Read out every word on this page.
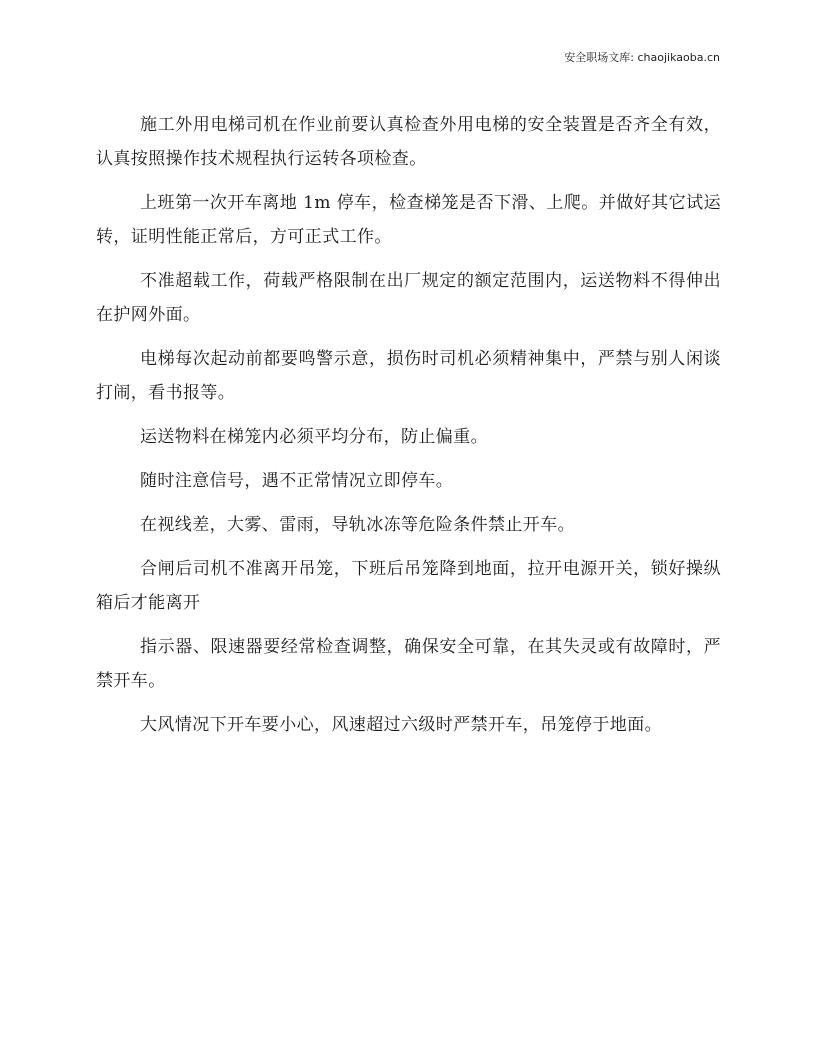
安全职场文库: chaojikaoba.cn

施工外用电梯司机在作业前要认真检查外用电梯的安全装置是否齐全有效，认真按照操作技术规程执行运转各项检查。

上班第一次开车离地 1m 停车，检查梯笼是否下滑、上爬。并做好其它试运转，证明性能正常后，方可正式工作。

不准超载工作，荷载严格限制在出厂规定的额定范围内，运送物料不得伸出在护网外面。

电梯每次起动前都要鸣警示意，损伤时司机必须精神集中，严禁与别人闲谈打闹，看书报等。

运送物料在梯笼内必须平均分布，防止偏重。

随时注意信号，遇不正常情况立即停车。

在视线差，大雾、雷雨，导轨冰冻等危险条件禁止开车。

合闸后司机不准离开吊笼，下班后吊笼降到地面，拉开电源开关，锁好操纵箱后才能离开

指示器、限速器要经常检查调整，确保安全可靠，在其失灵或有故障时，严禁开车。

大风情况下开车要小心，风速超过六级时严禁开车，吊笼停于地面。
